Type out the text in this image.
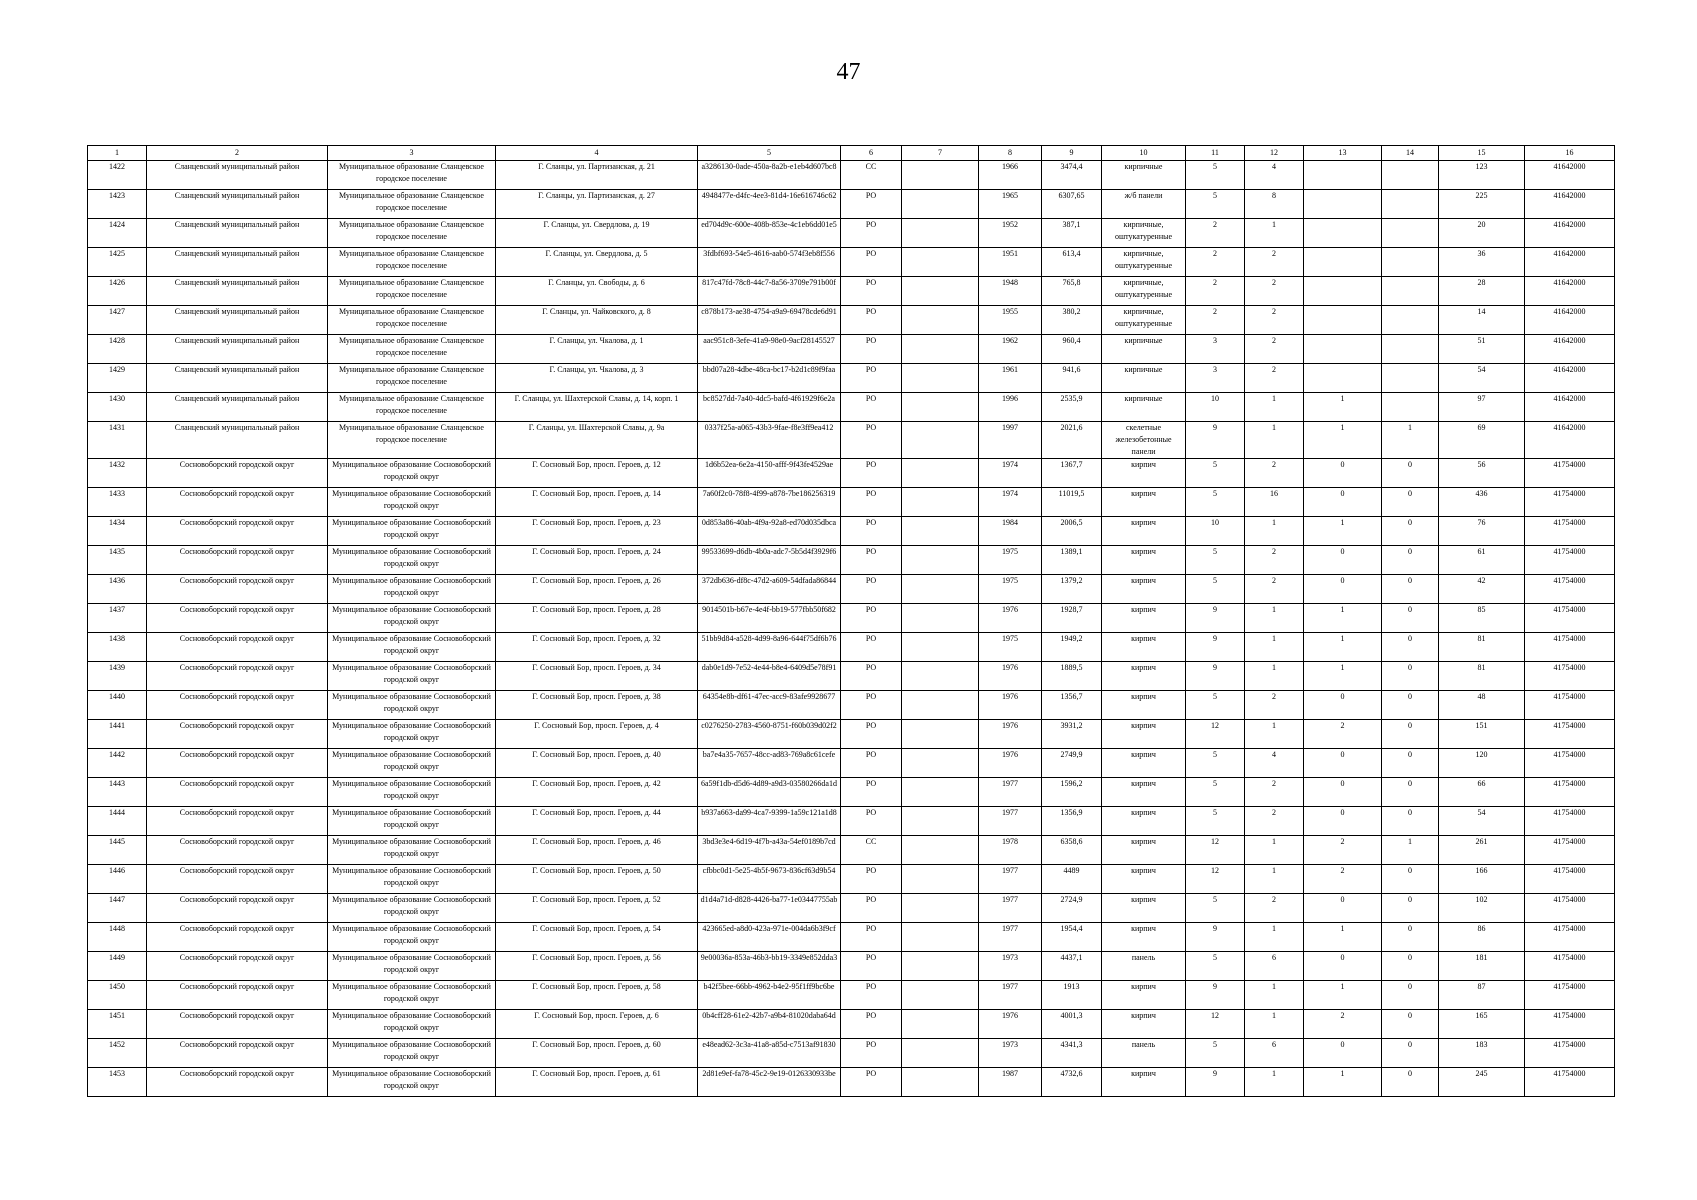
47
1	2	3	4	5	6	7	8	9	10	11	12	13	14	15	16
1422	Сланцевский муниципальный район	Муниципальное образование Сланцевское городское поселение	Г. Сланцы, ул. Партизанская, д. 21	a3286130-0ade-450a-8a2b-e1eb4d607bc8	СС		1966	3474,4	кирпичные	5	4			123	41642000
1423	Сланцевский муниципальный район	Муниципальное образование Сланцевское городское поселение	Г. Сланцы, ул. Партизанская, д. 27	4948477e-d4fc-4ee3-81d4-16e616746c62	РО		1965	6307,65	ж/б панели	5	8			225	41642000
1424	Сланцевский муниципальный район	Муниципальное образование Сланцевское городское поселение	Г. Сланцы, ул. Свердлова, д. 19	ed704d9c-600e-408b-853e-4c1eb6dd01e5	РО		1952	387,1	кирпичные, оштукатуренные	2	1			20	41642000
1425	Сланцевский муниципальный район	Муниципальное образование Сланцевское городское поселение	Г. Сланцы, ул. Свердлова, д. 5	3fdbf693-54e5-4616-aab0-574f3eb8f556	РО		1951	613,4	кирпичные, оштукатуренные	2	2			36	41642000
1426	Сланцевский муниципальный район	Муниципальное образование Сланцевское городское поселение	Г. Сланцы, ул. Свободы, д. 6	817c47fd-78c8-44c7-8a56-3709e791b00f	РО		1948	765,8	кирпичные, оштукатуренные	2	2			28	41642000
1427	Сланцевский муниципальный район	Муниципальное образование Сланцевское городское поселение	Г. Сланцы, ул. Чайковского, д. 8	c878b173-ae38-4754-a9a9-69478cde6d91	РО		1955	380,2	кирпичные, оштукатуренные	2	2			14	41642000
1428	Сланцевский муниципальный район	Муниципальное образование Сланцевское городское поселение	Г. Сланцы, ул. Чкалова, д. 1	aac951c8-3efe-41a9-98e0-9acf28145527	РО		1962	960,4	кирпичные	3	2			51	41642000
1429	Сланцевский муниципальный район	Муниципальное образование Сланцевское городское поселение	Г. Сланцы, ул. Чкалова, д. 3	bbd07a28-4dbe-48ca-bc17-b2d1c89f9faa	РО		1961	941,6	кирпичные	3	2			54	41642000
1430	Сланцевский муниципальный район	Муниципальное образование Сланцевское городское поселение	Г. Сланцы, ул. Шахтерской Славы, д. 14, корп. 1	bc8527dd-7a40-4dc5-bafd-4f61929f6e2a	РО		1996	2535,9	кирпичные	10	1	1		97	41642000
1431	Сланцевский муниципальный район	Муниципальное образование Сланцевское городское поселение	Г. Сланцы, ул. Шахтерской Славы, д. 9а	0337f25a-a065-43b3-9fae-f8e3ff9ea412	РО		1997	2021,6	скелетные железобетонные панели	9	1	1	1	69	41642000
1432	Сосновоборский городской округ	Муниципальное образование Сосновоборский городской округ	Г. Сосновый Бор, просп. Героев, д. 12	1d6b52ea-6e2a-4150-afff-9f43fe4529ae	РО		1974	1367,7	кирпич	5	2	0	0	56	41754000
1433	Сосновоборский городской округ	Муниципальное образование Сосновоборский городской округ	Г. Сосновый Бор, просп. Героев, д. 14	7a60f2c0-78f8-4f99-a878-7be186256319	РО		1974	11019,5	кирпич	5	16	0	0	436	41754000
1434	Сосновоборский городской округ	Муниципальное образование Сосновоборский городской округ	Г. Сосновый Бор, просп. Героев, д. 23	0d853a86-40ab-4f9a-92a8-ed70d035dbca	РО		1984	2006,5	кирпич	10	1	1	0	76	41754000
1435	Сосновоборский городской округ	Муниципальное образование Сосновоборский городской округ	Г. Сосновый Бор, просп. Героев, д. 24	99533699-d6db-4b0a-adc7-5b5d4f3929f6	РО		1975	1389,1	кирпич	5	2	0	0	61	41754000
1436	Сосновоборский городской округ	Муниципальное образование Сосновоборский городской округ	Г. Сосновый Бор, просп. Героев, д. 26	372db636-df8c-47d2-a609-54dfada86844	РО		1975	1379,2	кирпич	5	2	0	0	42	41754000
1437	Сосновоборский городской округ	Муниципальное образование Сосновоборский городской округ	Г. Сосновый Бор, просп. Героев, д. 28	9014501b-b67e-4e4f-bb19-577fbb50f682	РО		1976	1928,7	кирпич	9	1	1	0	85	41754000
1438	Сосновоборский городской округ	Муниципальное образование Сосновоборский городской округ	Г. Сосновый Бор, просп. Героев, д. 32	51bb9d84-a528-4d99-8a96-644f75df6b76	РО		1975	1949,2	кирпич	9	1	1	0	81	41754000
1439	Сосновоборский городской округ	Муниципальное образование Сосновоборский городской округ	Г. Сосновый Бор, просп. Героев, д. 34	dab0e1d9-7e52-4e44-b8e4-6409d5e78f91	РО		1976	1889,5	кирпич	9	1	1	0	81	41754000
1440	Сосновоборский городской округ	Муниципальное образование Сосновоборский городской округ	Г. Сосновый Бор, просп. Героев, д. 38	64354e8b-df61-47ec-acc9-83afe9928677	РО		1976	1356,7	кирпич	5	2	0	0	48	41754000
1441	Сосновоборский городской округ	Муниципальное образование Сосновоборский городской округ	Г. Сосновый Бор, просп. Героев, д. 4	c0276250-2783-4560-8751-f60b039d02f2	РО		1976	3931,2	кирпич	12	1	2	0	151	41754000
1442	Сосновоборский городской округ	Муниципальное образование Сосновоборский городской округ	Г. Сосновый Бор, просп. Героев, д. 40	ba7e4a35-7657-48cc-ad83-769a8c61cefe	РО		1976	2749,9	кирпич	5	4	0	0	120	41754000
1443	Сосновоборский городской округ	Муниципальное образование Сосновоборский городской округ	Г. Сосновый Бор, просп. Героев, д. 42	6a59f1db-d5d6-4d89-a9d3-03580266da1d	РО		1977	1596,2	кирпич	5	2	0	0	66	41754000
1444	Сосновоборский городской округ	Муниципальное образование Сосновоборский городской округ	Г. Сосновый Бор, просп. Героев, д. 44	b937a663-da99-4ca7-9399-1a59c121a1d8	РО		1977	1356,9	кирпич	5	2	0	0	54	41754000
1445	Сосновоборский городской округ	Муниципальное образование Сосновоборский городской округ	Г. Сосновый Бор, просп. Героев, д. 46	3bd3e3e4-6d19-4f7b-a43a-54ef0189b7cd	СС		1978	6358,6	кирпич	12	1	2	1	261	41754000
1446	Сосновоборский городской округ	Муниципальное образование Сосновоборский городской округ	Г. Сосновый Бор, просп. Героев, д. 50	cfbbc0d1-5e25-4b5f-9673-836cf63d9b54	РО		1977	4489	кирпич	12	1	2	0	166	41754000
1447	Сосновоборский городской округ	Муниципальное образование Сосновоборский городской округ	Г. Сосновый Бор, просп. Героев, д. 52	d1d4a71d-d828-4426-ba77-1e03447755ab	РО		1977	2724,9	кирпич	5	2	0	0	102	41754000
1448	Сосновоборский городской округ	Муниципальное образование Сосновоборский городской округ	Г. Сосновый Бор, просп. Героев, д. 54	423665ed-a8d0-423a-971e-004da6b3f9cf	РО		1977	1954,4	кирпич	9	1	1	0	86	41754000
1449	Сосновоборский городской округ	Муниципальное образование Сосновоборский городской округ	Г. Сосновый Бор, просп. Героев, д. 56	9e00036a-853a-46b3-bb19-3349e852dda3	РО		1973	4437,1	панель	5	6	0	0	181	41754000
1450	Сосновоборский городской округ	Муниципальное образование Сосновоборский городской округ	Г. Сосновый Бор, просп. Героев, д. 58	b42f5bee-66bb-4962-b4e2-95f1ff9bc6be	РО		1977	1913	кирпич	9	1	1	0	87	41754000
1451	Сосновоборский городской округ	Муниципальное образование Сосновоборский городской округ	Г. Сосновый Бор, просп. Героев, д. 6	0b4cff28-61e2-42b7-a9b4-81020daba64d	РО		1976	4001,3	кирпич	12	1	2	0	165	41754000
1452	Сосновоборский городской округ	Муниципальное образование Сосновоборский городской округ	Г. Сосновый Бор, просп. Героев, д. 60	e48ead62-3c3a-41a8-a85d-c7513af91830	РО		1973	4341,3	панель	5	6	0	0	183	41754000
1453	Сосновоборский городской округ	Муниципальное образование Сосновоборский городской округ	Г. Сосновый Бор, просп. Героев, д. 61	2d81e9ef-fa78-45c2-9e19-0126330933be	РО		1987	4732,6	кирпич	9	1	1	0	245	41754000
